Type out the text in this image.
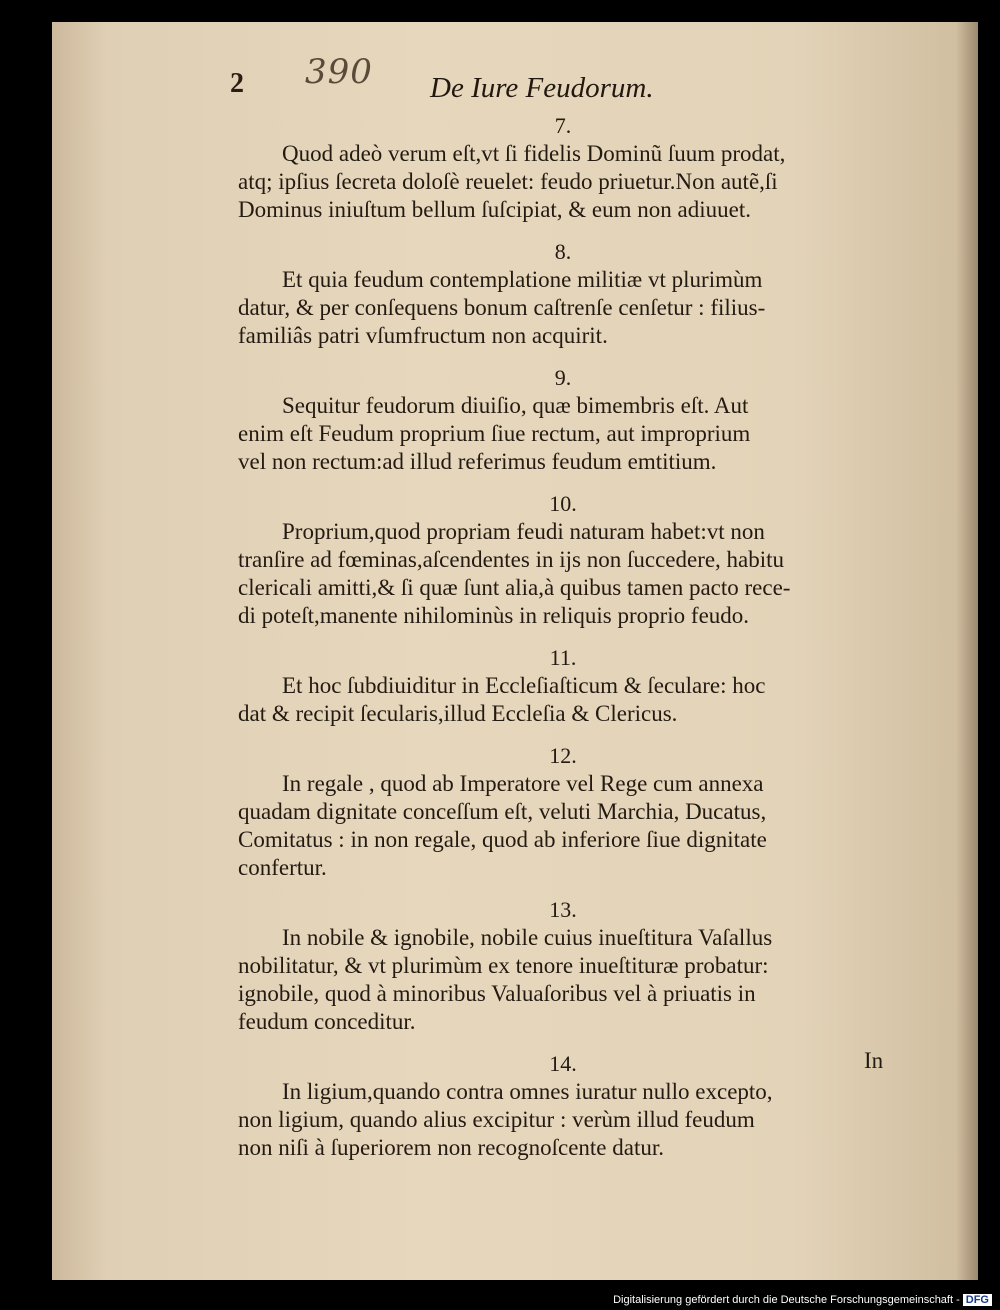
390
2	De Iure Feudorum.

7.

Quod adeò verum eſt,vt ſi fidelis Dominũ ſuum prodat,
atq; ipſius ſecreta doloſè reuelet: feudo priuetur.Non autẽ,ſi
Dominus iniuſtum bellum ſuſcipiat, & eum non adiuuet.

8.

Et quia feudum contemplatione militiæ vt plurimùm
datur, & per conſequens bonum caſtrenſe cenſetur : filius-
familiâs patri vſumfructum non acquirit.

9.

Sequitur feudorum diuiſio, quæ bimembris eſt. Aut
enim eſt Feudum proprium ſiue rectum, aut improprium
vel non rectum:ad illud referimus feudum emtitium.

10.

Proprium,quod propriam feudi naturam habet:vt non
tranſire ad fœminas,aſcendentes in ijs non ſuccedere, habitu
clericali amitti,& ſi quæ ſunt alia,à quibus tamen pacto rece-
di poteſt,manente nihilominùs in reliquis proprio feudo.

11.

Et hoc ſubdiuiditur in Eccleſiaſticum & ſeculare: hoc
dat & recipit ſecularis,illud Eccleſia & Clericus.

12.

In regale , quod ab Imperatore vel Rege cum annexa
quadam dignitate conceſſum eſt, veluti Marchia, Ducatus,
Comitatus : in non regale, quod ab inferiore ſiue dignitate
confertur.

13.

In nobile & ignobile, nobile cuius inueſtitura Vaſallus
nobilitatur, & vt plurimùm ex tenore inueſtituræ probatur:
ignobile, quod à minoribus Valuaſoribus vel à priuatis in
feudum conceditur.

14.

In ligium,quando contra omnes iuratur nullo excepto,
non ligium, quando alius excipitur : verùm illud feudum
non niſi à ſuperiorem non recognoſcente datur.

In
Digitalisierung gefördert durch die Deutsche Forschungsgemeinschaft - DFG
